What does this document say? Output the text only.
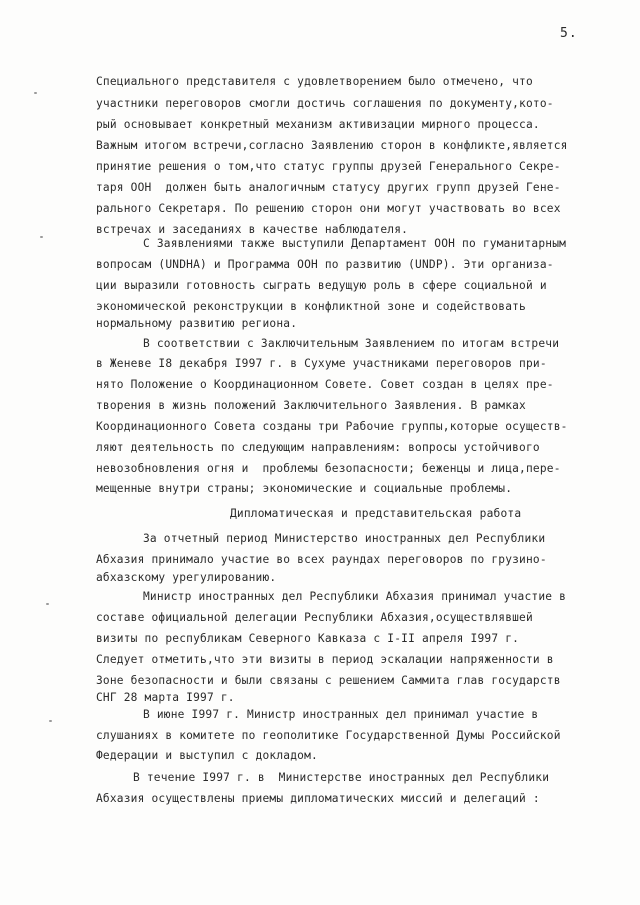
5.
Специального представителя с удовлетворением было отмечено, что
участники переговоров смогли достичь соглашения по документу,кото-
рый основывает конкретный механизм активизации мирного процесса.
Важным итогом встречи,согласно Заявлению сторон в конфликте,является
принятие решения о том,что статус группы друзей Генерального Секре-
таря ООН  должен быть аналогичным статусу других групп друзей Гене-
рального Секретаря. По решению сторон они могут участвовать во всех
встречах и заседаниях в качестве наблюдателя.
С Заявлениями также выступили Департамент ООН по гуманитарным
вопросам (UNDHA) и Программа ООН по развитию (UNDP). Эти организа-
ции выразили готовность сыграть ведущую роль в сфере социальной и
экономической реконструкции в конфликтной зоне и содействовать
нормальному развитию региона.
В соответствии с Заключительным Заявлением по итогам встречи
в Женеве I8 декабря I997 г. в Сухуме участниками переговоров при-
нято Положение о Координационном Совете. Совет создан в целях пре-
творения в жизнь положений Заключительного Заявления. В рамках
Координационного Совета созданы три Рабочие группы,которые осуществ-
ляют деятельность по следующим направлениям: вопросы устойчивого
невозобновления огня и  проблемы безопасности; беженцы и лица,пере-
мещенные внутри страны; экономические и социальные проблемы.
Дипломатическая и представительская работа
За отчетный период Министерство иностранных дел Республики
Абхазия принимало участие во всех раундах переговоров по грузино-
абхазскому урегулированию.
Министр иностранных дел Республики Абхазия принимал участие в
составе официальной делегации Республики Абхазия,осуществлявшей
визиты по республикам Северного Кавказа с I-II апреля I997 г.
Следует отметить,что эти визиты в период эскалации напряженности в
Зоне безопасности и были связаны с решением Саммита глав государств
СНГ 28 марта I997 г.
В июне I997 г. Министр иностранных дел принимал участие в
слушаниях в комитете по геополитике Государственной Думы Российской
Федерации и выступил с докладом.
В течение I997 г. в  Министерстве иностранных дел Республики
Абхазия осуществлены приемы дипломатических миссий и делегаций :
